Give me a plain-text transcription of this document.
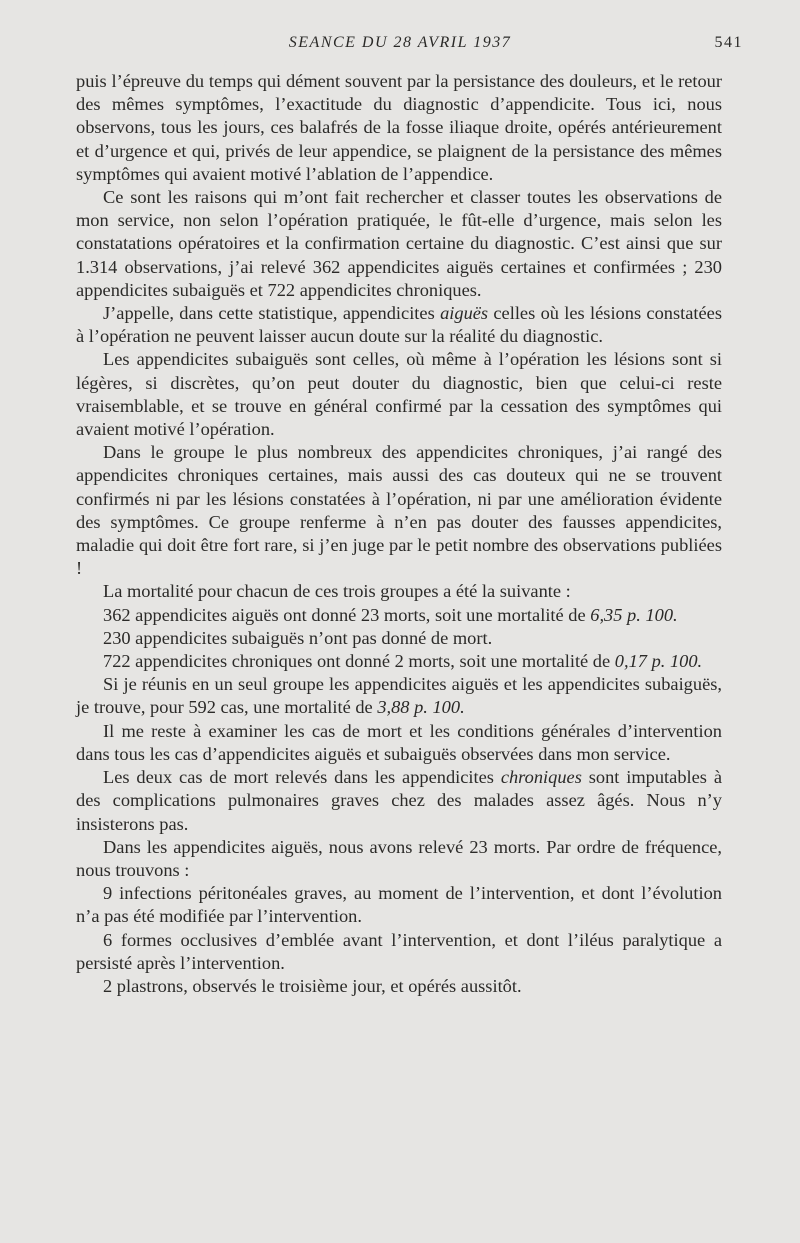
SEANCE DU 28 AVRIL 1937	541

puis l’épreuve du temps qui dément souvent par la persistance des douleurs, et le retour des mêmes symptômes, l’exactitude du diagnostic d’appendicite. Tous ici, nous observons, tous les jours, ces balafrés de la fosse iliaque droite, opérés antérieurement et d’urgence et qui, privés de leur appendice, se plaignent de la persistance des mêmes symptômes qui avaient motivé l’ablation de l’appendice.

Ce sont les raisons qui m’ont fait rechercher et classer toutes les observations de mon service, non selon l’opération pratiquée, le fût-elle d’urgence, mais selon les constatations opératoires et la confirmation certaine du diagnostic. C’est ainsi que sur 1.314 observations, j’ai relevé 362 appendicites aiguës certaines et confirmées ; 230 appendicites subaiguës et 722 appendicites chroniques.

J’appelle, dans cette statistique, appendicites aiguës celles où les lésions constatées à l’opération ne peuvent laisser aucun doute sur la réalité du diagnostic.

Les appendicites subaiguës sont celles, où même à l’opération les lésions sont si légères, si discrètes, qu’on peut douter du diagnostic, bien que celui-ci reste vraisemblable, et se trouve en général confirmé par la cessation des symptômes qui avaient motivé l’opération.

Dans le groupe le plus nombreux des appendicites chroniques, j’ai rangé des appendicites chroniques certaines, mais aussi des cas douteux qui ne se trouvent confirmés ni par les lésions constatées à l’opération, ni par une amélioration évidente des symptômes. Ce groupe renferme à n’en pas douter des fausses appendicites, maladie qui doit être fort rare, si j’en juge par le petit nombre des observations publiées !

La mortalité pour chacun de ces trois groupes a été la suivante :

362 appendicites aiguës ont donné 23 morts, soit une mortalité de 6,35 p. 100.

230 appendicites subaiguës n’ont pas donné de mort.

722 appendicites chroniques ont donné 2 morts, soit une mortalité de 0,17 p. 100.

Si je réunis en un seul groupe les appendicites aiguës et les appendicites subaiguës, je trouve, pour 592 cas, une mortalité de 3,88 p. 100.

Il me reste à examiner les cas de mort et les conditions générales d’intervention dans tous les cas d’appendicites aiguës et subaiguës observées dans mon service.

Les deux cas de mort relevés dans les appendicites chroniques sont imputables à des complications pulmonaires graves chez des malades assez âgés. Nous n’y insisterons pas.

Dans les appendicites aiguës, nous avons relevé 23 morts. Par ordre de fréquence, nous trouvons :

9 infections péritonéales graves, au moment de l’intervention, et dont l’évolution n’a pas été modifiée par l’intervention.

6 formes occlusives d’emblée avant l’intervention, et dont l’iléus paralytique a persisté après l’intervention.

2 plastrons, observés le troisième jour, et opérés aussitôt.
